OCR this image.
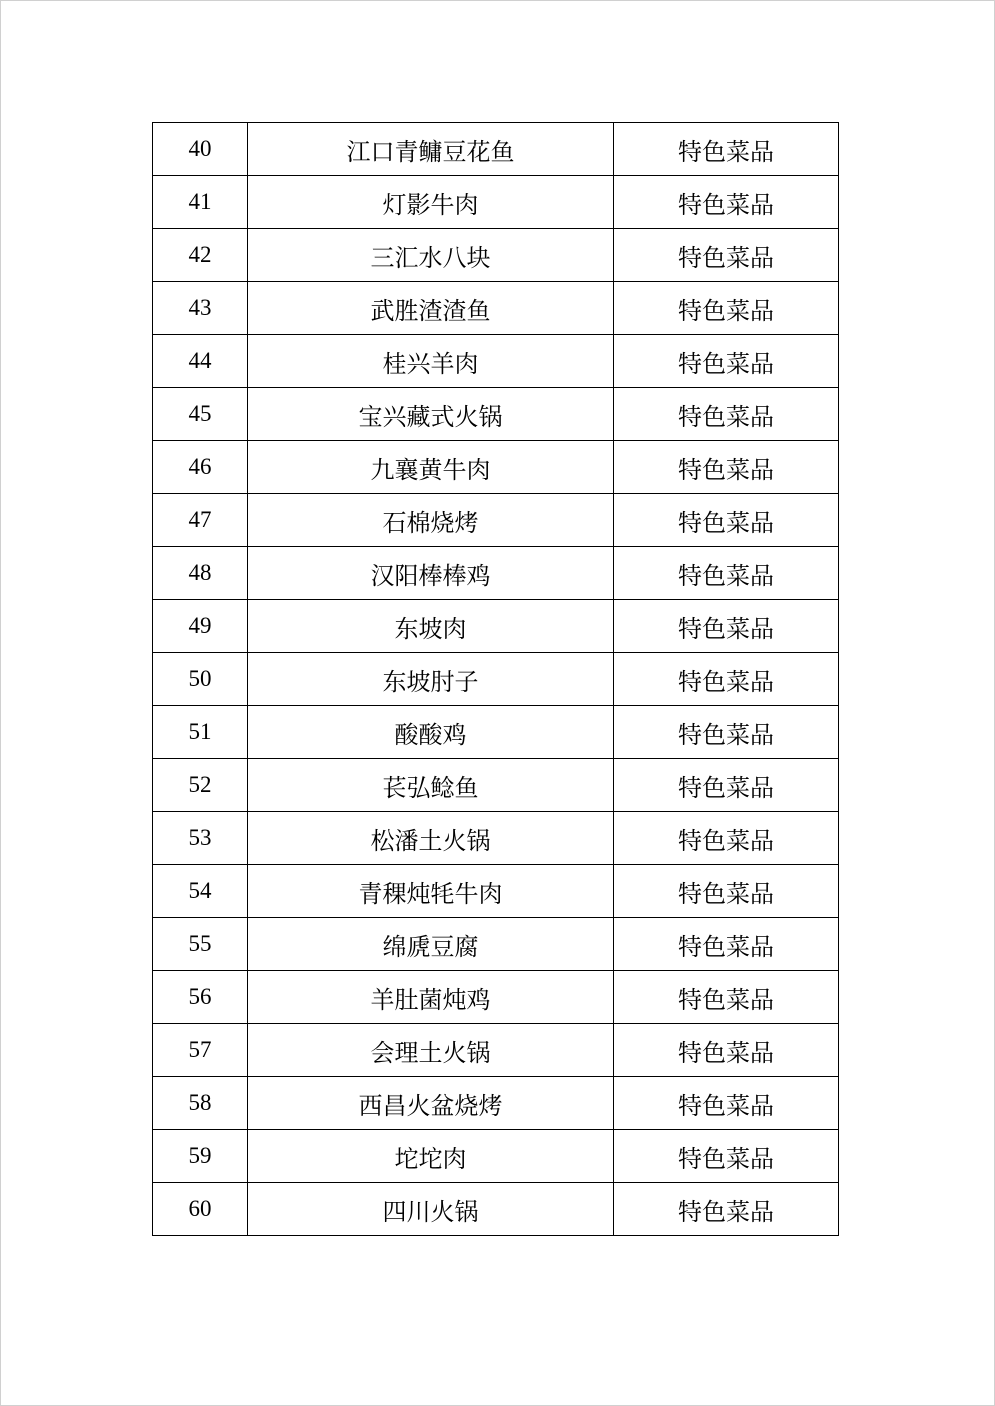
40	江口青鳙豆花鱼	特色菜品
41	灯影牛肉	特色菜品
42	三汇水八块	特色菜品
43	武胜渣渣鱼	特色菜品
44	桂兴羊肉	特色菜品
45	宝兴藏式火锅	特色菜品
46	九襄黄牛肉	特色菜品
47	石棉烧烤	特色菜品
48	汉阳棒棒鸡	特色菜品
49	东坡肉	特色菜品
50	东坡肘子	特色菜品
51	酸酸鸡	特色菜品
52	苌弘鲶鱼	特色菜品
53	松潘土火锅	特色菜品
54	青稞炖牦牛肉	特色菜品
55	绵虒豆腐	特色菜品
56	羊肚菌炖鸡	特色菜品
57	会理土火锅	特色菜品
58	西昌火盆烧烤	特色菜品
59	坨坨肉	特色菜品
60	四川火锅	特色菜品
